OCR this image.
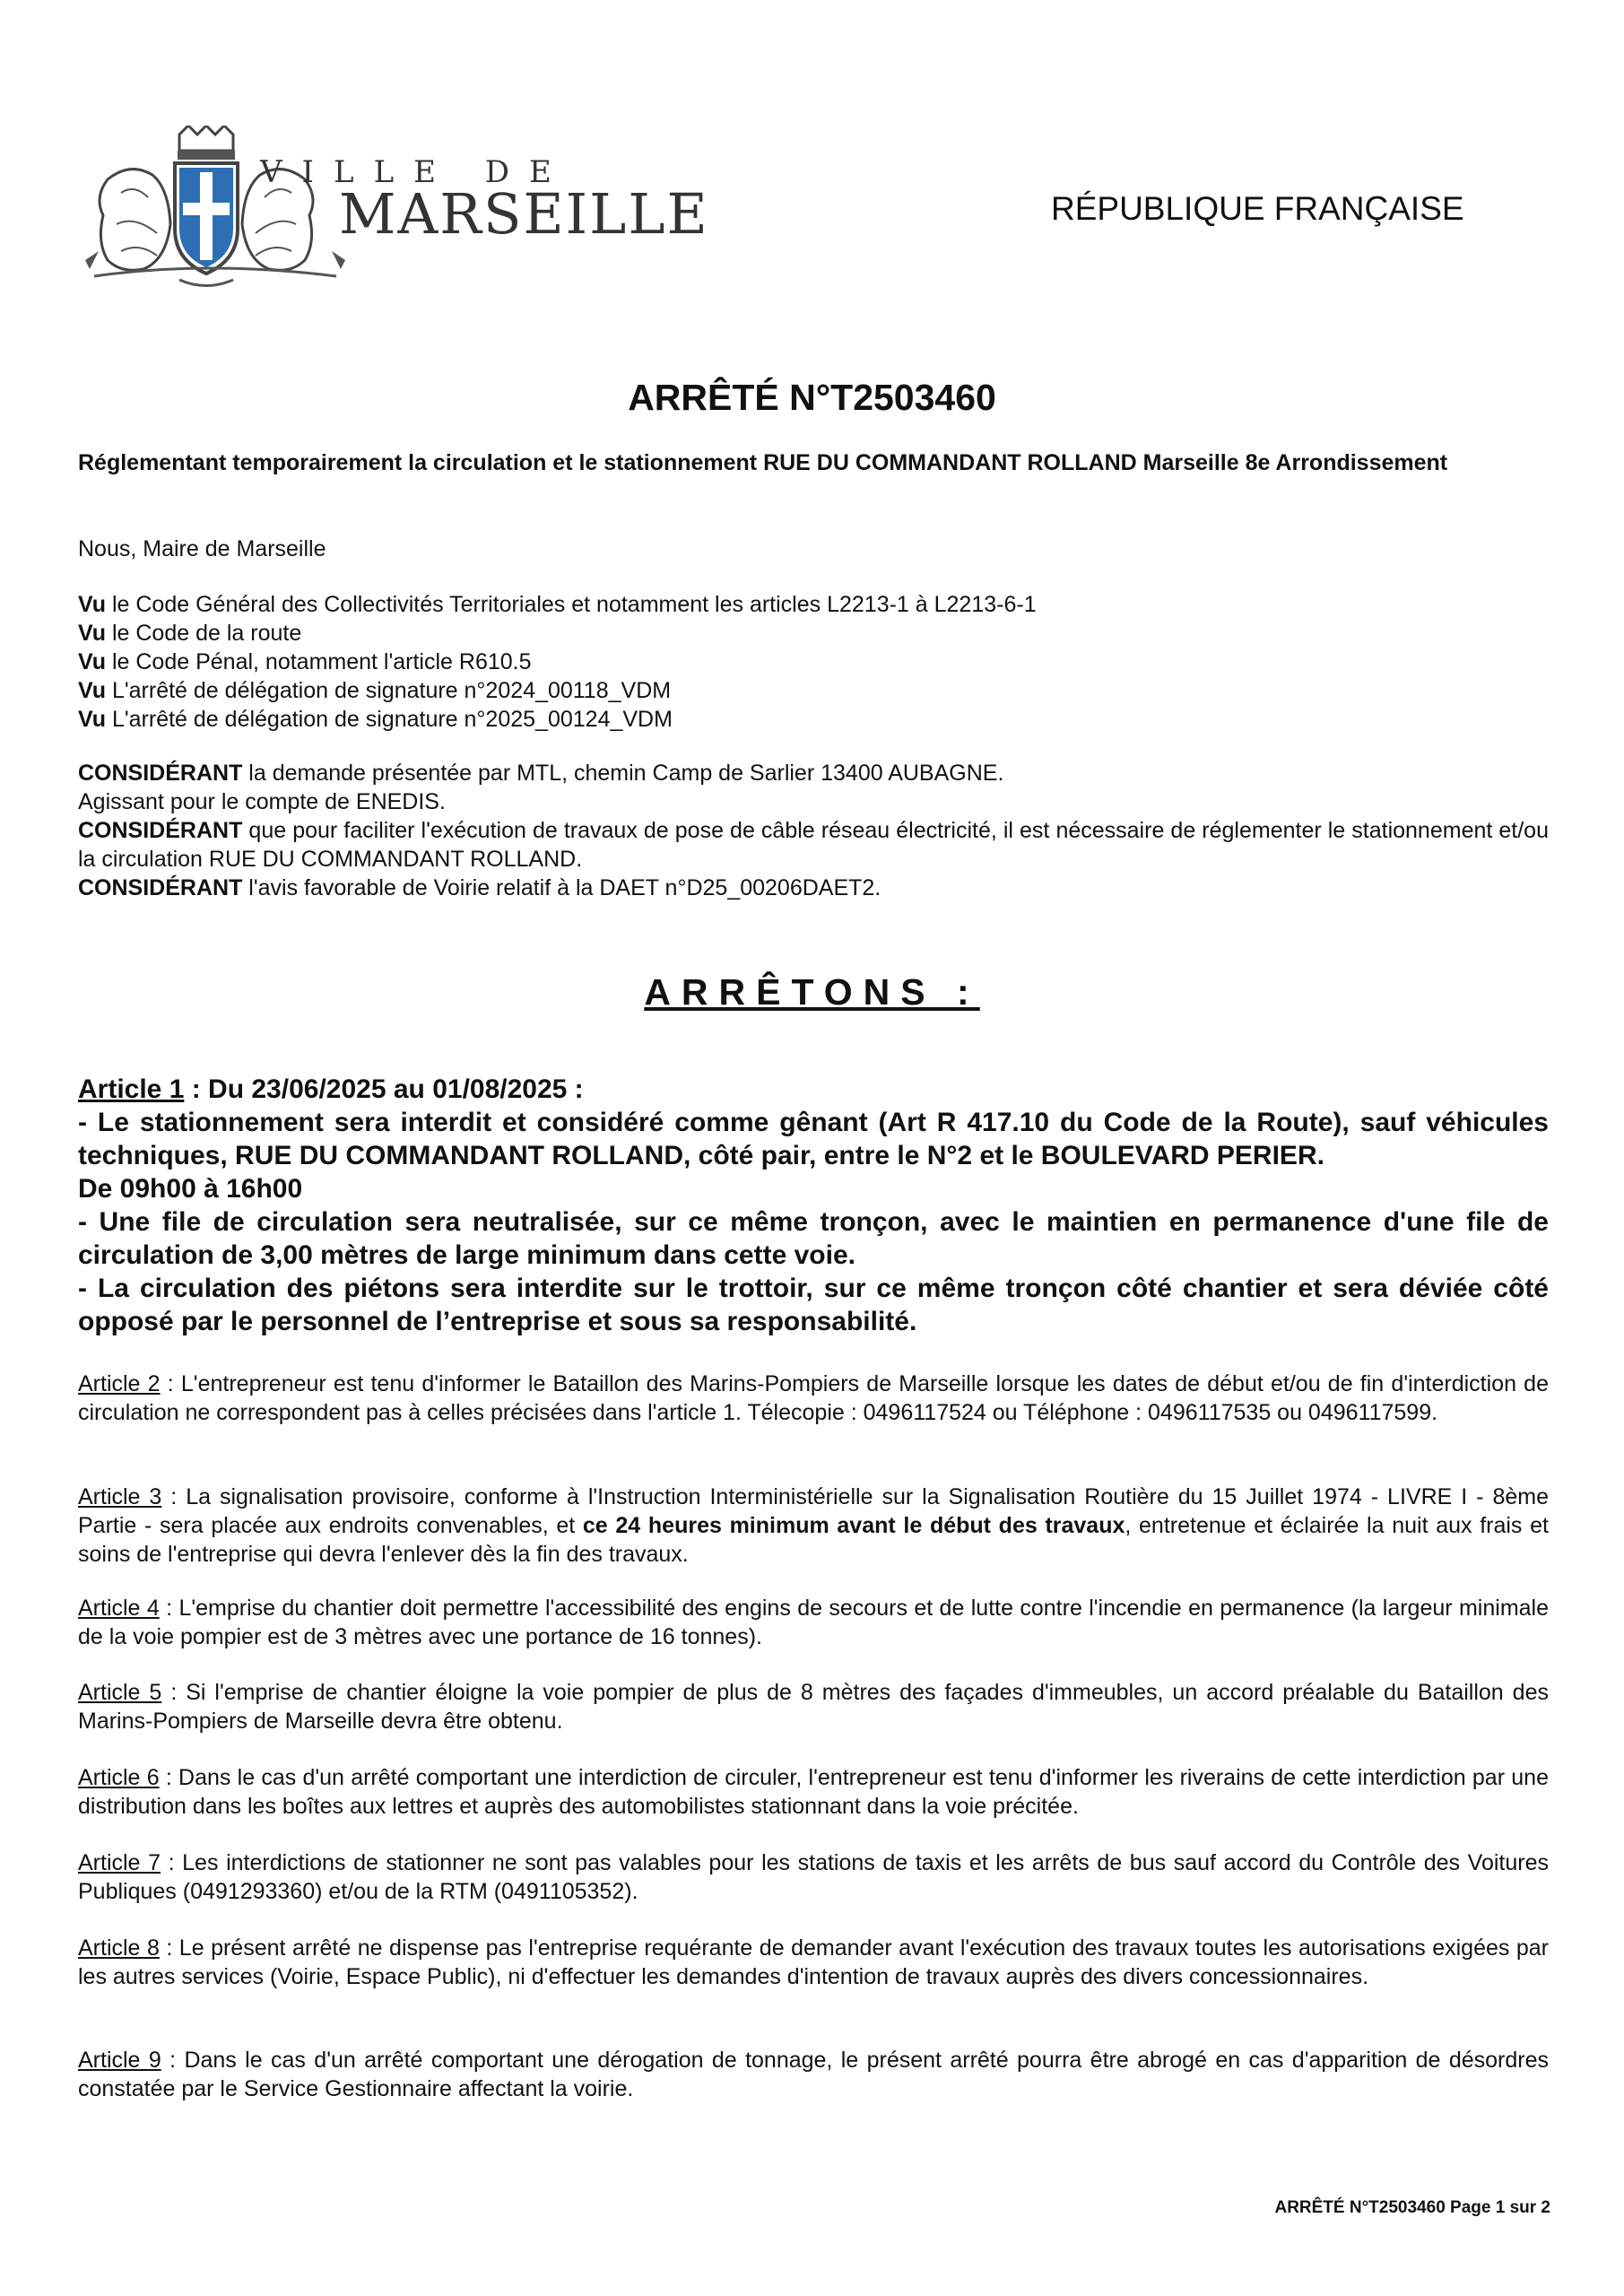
VILLE DE
MARSEILLE	RÉPUBLIQUE FRANÇAISE
ARRÊTÉ N°T2503460
Réglementant temporairement la circulation et le stationnement RUE DU COMMANDANT ROLLAND Marseille 8e Arrondissement
Nous, Maire de Marseille
Vu le Code Général des Collectivités Territoriales et notamment les articles L2213-1 à L2213-6-1
Vu le Code de la route
Vu le Code Pénal, notamment l'article R610.5
Vu L'arrêté de délégation de signature n°2024_00118_VDM
Vu L'arrêté de délégation de signature n°2025_00124_VDM
CONSIDÉRANT la demande présentée par MTL, chemin Camp de Sarlier 13400 AUBAGNE.
Agissant pour le compte de ENEDIS.
CONSIDÉRANT que pour faciliter l'exécution de travaux de pose de câble réseau électricité, il est nécessaire de réglementer le stationnement et/ou la circulation RUE DU COMMANDANT ROLLAND.
CONSIDÉRANT l'avis favorable de Voirie relatif à la DAET n°D25_00206DAET2.
ARRÊTONS :
Article 1 : Du 23/06/2025 au 01/08/2025 :
- Le stationnement sera interdit et considéré comme gênant (Art R 417.10 du Code de la Route), sauf véhicules techniques, RUE DU COMMANDANT ROLLAND, côté pair, entre le N°2 et le BOULEVARD PERIER.
De 09h00 à 16h00
- Une file de circulation sera neutralisée, sur ce même tronçon, avec le maintien en permanence d'une file de circulation de 3,00 mètres de large minimum dans cette voie.
- La circulation des piétons sera interdite sur le trottoir, sur ce même tronçon côté chantier et sera déviée côté opposé par le personnel de l’entreprise et sous sa responsabilité.
Article 2 : L'entrepreneur est tenu d'informer le Bataillon des Marins-Pompiers de Marseille lorsque les dates de début et/ou de fin d'interdiction de circulation ne correspondent pas à celles précisées dans l'article 1. Télecopie : 0496117524 ou Téléphone : 0496117535 ou 0496117599.
Article 3 : La signalisation provisoire, conforme à l'Instruction Interministérielle sur la Signalisation Routière du 15 Juillet 1974 - LIVRE I - 8ème Partie - sera placée aux endroits convenables, et ce 24 heures minimum avant le début des travaux, entretenue et éclairée la nuit aux frais et soins de l'entreprise qui devra l'enlever dès la fin des travaux.
Article 4 : L'emprise du chantier doit permettre l'accessibilité des engins de secours et de lutte contre l'incendie en permanence (la largeur minimale de la voie pompier est de 3 mètres avec une portance de 16 tonnes).
Article 5 : Si l'emprise de chantier éloigne la voie pompier de plus de 8 mètres des façades d'immeubles, un accord préalable du Bataillon des Marins-Pompiers de Marseille devra être obtenu.
Article 6 : Dans le cas d'un arrêté comportant une interdiction de circuler, l'entrepreneur est tenu d'informer les riverains de cette interdiction par une distribution dans les boîtes aux lettres et auprès des automobilistes stationnant dans la voie précitée.
Article 7 : Les interdictions de stationner ne sont pas valables pour les stations de taxis et les arrêts de bus sauf accord du Contrôle des Voitures Publiques (0491293360) et/ou de la RTM (0491105352).
Article 8 : Le présent arrêté ne dispense pas l'entreprise requérante de demander avant l'exécution des travaux toutes les autorisations exigées par les autres services (Voirie, Espace Public), ni d'effectuer les demandes d'intention de travaux auprès des divers concessionnaires.
Article 9 : Dans le cas d'un arrêté comportant une dérogation de tonnage, le présent arrêté pourra être abrogé en cas d'apparition de désordres constatée par le Service Gestionnaire affectant la voirie.
ARRÊTÉ N°T2503460 Page 1 sur 2
